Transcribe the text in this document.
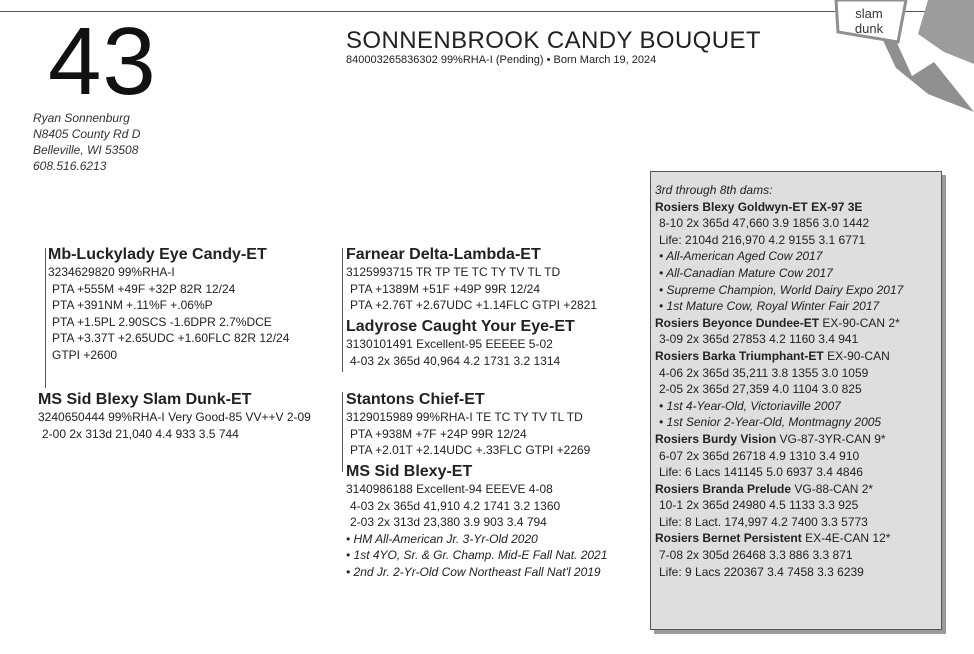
slam
dunk
43
Ryan Sonnenburg
N8405 County Rd D
Belleville, WI 53508
608.516.6213
SONNENBROOK CANDY BOUQUET
840003265836302 99%RHA-I (Pending) • Born March 19, 2024
Mb-Luckylady Eye Candy-ET
3234629820 99%RHA-I
PTA +555M +49F +32P 82R 12/24
PTA +391NM +.11%F +.06%P
PTA +1.5PL 2.90SCS -1.6DPR 2.7%DCE
PTA +3.37T +2.65UDC +1.60FLC 82R 12/24
GTPI +2600
MS Sid Blexy Slam Dunk-ET
3240650444 99%RHA-I Very Good-85 VV++V 2-09
2-00 2x 313d 21,040 4.4 933 3.5 744
Farnear Delta-Lambda-ET
3125993715 TR TP TE TC TY TV TL TD
PTA +1389M +51F +49P 99R 12/24
PTA +2.76T +2.67UDC +1.14FLC GTPI +2821
Ladyrose Caught Your Eye-ET
3130101491 Excellent-95 EEEEE 5-02
4-03 2x 365d 40,964 4.2 1731 3.2 1314
Stantons Chief-ET
3129015989 99%RHA-I TE TC TY TV TL TD
PTA +938M +7F +24P 99R 12/24
PTA +2.01T +2.14UDC +.33FLC GTPI +2269
MS Sid Blexy-ET
3140986188 Excellent-94 EEEVE 4-08
4-03 2x 365d 41,910 4.2 1741 3.2 1360
2-03 2x 313d 23,380 3.9 903 3.4 794
• HM All-American Jr. 3-Yr-Old 2020
• 1st 4YO, Sr. & Gr. Champ. Mid-E Fall Nat. 2021
• 2nd Jr. 2-Yr-Old Cow Northeast Fall Nat'l 2019
3rd through 8th dams:
Rosiers Blexy Goldwyn-ET EX-97 3E
8-10 2x 365d 47,660 3.9 1856 3.0 1442
Life: 2104d 216,970 4.2 9155 3.1 6771
• All-American Aged Cow 2017
• All-Canadian Mature Cow 2017
• Supreme Champion, World Dairy Expo 2017
• 1st Mature Cow, Royal Winter Fair 2017
Rosiers Beyonce Dundee-ET EX-90-CAN 2*
3-09 2x 365d 27853 4.2 1160 3.4 941
Rosiers Barka Triumphant-ET EX-90-CAN
4-06 2x 365d 35,211 3.8 1355 3.0 1059
2-05 2x 365d 27,359 4.0 1104 3.0 825
• 1st 4-Year-Old, Victoriaville 2007
• 1st Senior 2-Year-Old, Montmagny 2005
Rosiers Burdy Vision VG-87-3YR-CAN 9*
6-07 2x 365d 26718 4.9 1310 3.4 910
Life: 6 Lacs 141145 5.0 6937 3.4 4846
Rosiers Branda Prelude VG-88-CAN 2*
10-1 2x 365d 24980 4.5 1133 3.3 925
Life: 8 Lact. 174,997 4.2 7400 3.3 5773
Rosiers Bernet Persistent EX-4E-CAN 12*
7-08 2x 305d 26468 3.3 886 3.3 871
Life: 9 Lacs 220367 3.4 7458 3.3 6239
